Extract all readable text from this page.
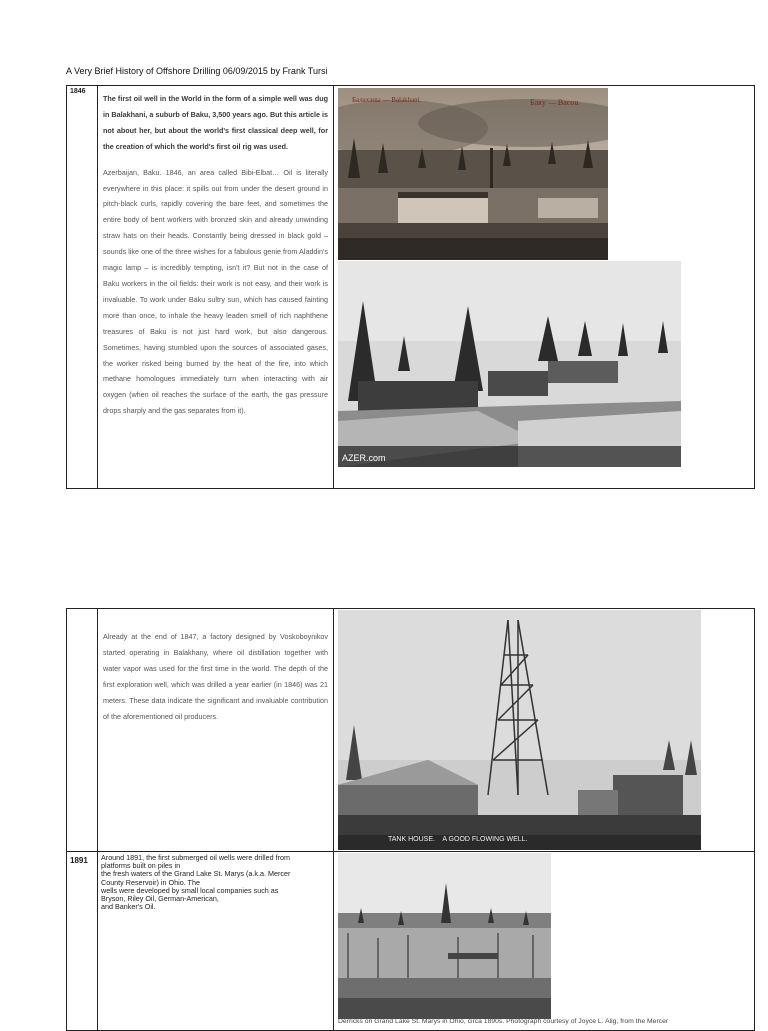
A Very Brief History of Offshore Drilling 06/09/2015 by Frank Tursi
1846

The first oil well in the World in the form of a simple well was dug in Balakhani, a suburb of Baku, 3,500 years ago. But this article is not about her, but about the world's first classical deep well, for the creation of which the world's first oil rig was used.

Azerbaijan, Baku. 1846, an area called Bibi-Elbat… Oil is literally everywhere in this place: it spills out from under the desert ground in pitch-black curls, rapidly covering the bare feet, and sometimes the entire body of bent workers with bronzed skin and already unwinding straw hats on their heads. Constantly being dressed in black gold – sounds like one of the three wishes for a fabulous genie from Aladdin's magic lamp – is incredibly tempting, isn't it? But not in the case of Baku workers in the oil fields: their work is not easy, and their work is invaluable. To work under Baku sultry sun, which has caused fainting more than once, to inhale the heavy leaden smell of rich naphthene treasures of Baku is not just hard work, but also dangerous. Sometimes, having stumbled upon the sources of associated gases, the worker risked being burned by the heat of the fire, into which methane homologues immediately turn when interacting with air oxygen (when oil reaches the surface of the earth, the gas pressure drops sharply and the gas separates from it).

Балаханы — Balakhani.	Баку — Bacou
AZER.com

Already at the end of 1847, a factory designed by Voskoboynikov started operating in Balakhany, where oil distillation together with water vapor was used for the first time in the world. The depth of the first exploration well, which was drilled a year earlier (in 1846) was 21 meters. These data indicate the significant and invaluable contribution of the aforementioned oil producers.

TANK HOUSE.    A GOOD FLOWING WELL.
1891	Around 1891, the first submerged oil wells were drilled from

platforms built on piles in

the fresh waters of the Grand Lake St. Marys (a.k.a. Mercer

County Reservoir) in Ohio. The

wells were developed by small local companies such as

Bryson, Riley Oil, German-American,

and Banker's Oil.

Derricks on Grand Lake St. Marys in Ohio, circa 1890s. Photograph courtesy of Joyce L. Alig, from the Mercer
